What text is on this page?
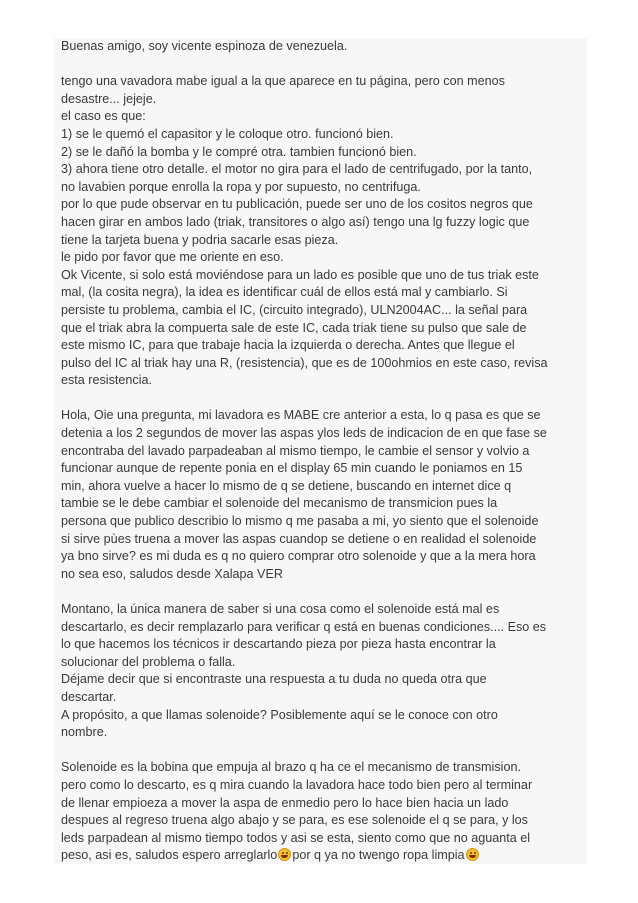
Buenas amigo, soy vicente espinoza de venezuela.
tengo una vavadora mabe igual a la que aparece en tu página, pero con menos
desastre... jejeje.
el caso es que:
1) se le quemó el capasitor y le coloque otro. funcionó bien.
2) se le dañó la bomba y le compré otra. tambien funcionó bien.
3) ahora tiene otro detalle. el motor no gira para el lado de centrifugado, por la tanto,
no lavabien porque enrolla la ropa y por supuesto, no centrifuga.
por lo que pude observar en tu publicación, puede ser uno de los cositos negros que
hacen girar en ambos lado (triak, transitores o algo así) tengo una lg fuzzy logic que
tiene la tarjeta buena y podria sacarle esas pieza.
le pido por favor que me oriente en eso.
Ok Vicente, si solo está moviéndose para un lado es posible que uno de tus triak este
mal, (la cosita negra), la idea es identificar cuál de ellos está mal y cambiarlo. Si
persiste tu problema, cambia el IC, (circuito integrado), ULN2004AC... la señal para
que el triak abra la compuerta sale de este IC, cada triak tiene su pulso que sale de
este mismo IC, para que trabaje hacia la izquierda o derecha. Antes que llegue el
pulso del IC al triak hay una R, (resistencia), que es de 100ohmios en este caso, revisa
esta resistencia.
Hola, Oie una pregunta, mi lavadora es MABE cre anterior a esta, lo q pasa es que se
detenia a los 2 segundos de mover las aspas ylos leds de indicacion de en que fase se
encontraba del lavado parpadeaban al mismo tiempo, le cambie el sensor y volvio a
funcionar aunque de repente ponia en el display 65 min cuando le poniamos en 15
min, ahora vuelve a hacer lo mismo de q se detiene, buscando en internet dice q
tambie se le debe cambiar el solenoide del mecanismo de transmicion pues la
persona que publico describio lo mismo q me pasaba a mi, yo siento que el solenoide
si sirve pùes truena a mover las aspas cuandop se detiene o en realidad el solenoide
ya bno sirve? es mi duda es q no quiero comprar otro solenoide y que a la mera hora
no sea eso, saludos desde Xalapa VER
Montano, la única manera de saber si una cosa como el solenoide está mal es
descartarlo, es decir remplazarlo para verificar q está en buenas condiciones.... Eso es
lo que hacemos los técnicos ir descartando pieza por pieza hasta encontrar la
solucionar del problema o falla.
Déjame decir que si encontraste una respuesta a tu duda no queda otra que
descartar.
A propósito, a que llamas solenoide? Posiblemente aquí se le conoce con otro
nombre.
Solenoide es la bobina que empuja al brazo q ha ce el mecanismo de transmision.
pero como lo descarto, es q mira cuando la lavadora hace todo bien pero al terminar
de llenar empioeza a mover la aspa de enmedio pero lo hace bien hacia un lado
despues al regreso truena algo abajo y se para, es ese solenoide el q se para, y los
leds parpadean al mismo tiempo todos y asi se esta, siento como que no aguanta el
peso, asi es, saludos espero arreglarlo por q ya no twengo ropa limpia
